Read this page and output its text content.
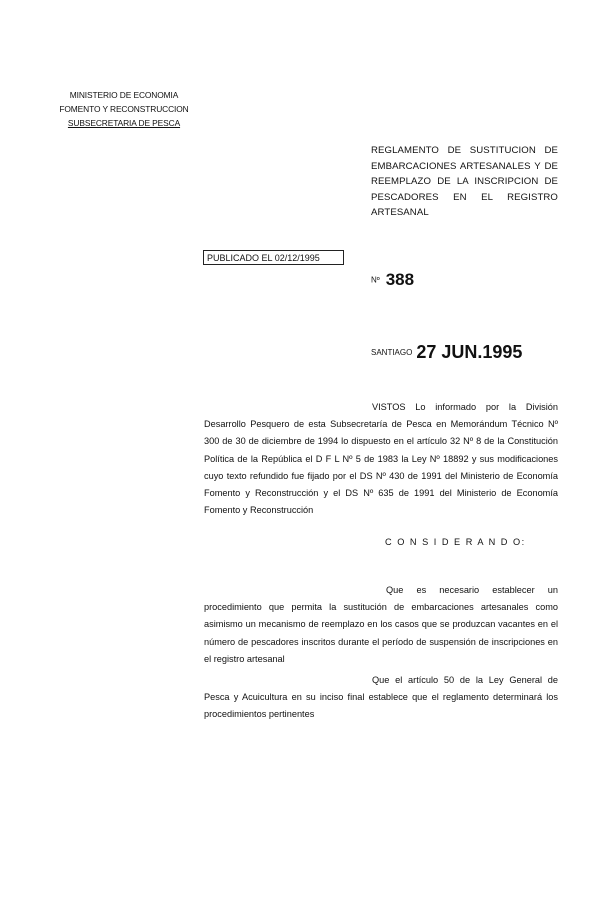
MINISTERIO DE ECONOMIA
FOMENTO Y RECONSTRUCCION
SUBSECRETARIA DE PESCA
REGLAMENTO DE SUSTITUCION DE EMBARCACIONES ARTESANALES Y DE REEMPLAZO DE LA INSCRIPCION DE PESCADORES EN EL REGISTRO ARTESANAL
PUBLICADO EL 02/12/1995
Nº 388
SANTIAGO 27 JUN.1995

VISTOS Lo informado por la División Desarrollo Pesquero de esta Subsecretaría de Pesca en Memorándum Técnico Nº 300 de 30 de diciembre de 1994 lo dispuesto en el artículo 32 Nº 8 de la Constitución Política de la República el D F L Nº 5 de 1983 la Ley Nº 18892 y sus modificaciones cuyo texto refundido fue fijado por el DS Nº 430 de 1991 del Ministerio de Economía Fomento y Reconstrucción y el DS Nº 635 de 1991 del Ministerio de Economía Fomento y Reconstrucción

C O N S I D E R A N D O:

Que es necesario establecer un procedimiento que permita la sustitución de embarcaciones artesanales como asimismo un mecanismo de reemplazo en los casos que se produzcan vacantes en el número de pescadores inscritos durante el período de suspensión de inscripciones en el registro artesanal

Que el artículo 50 de la Ley General de Pesca y Acuicultura en su inciso final establece que el reglamento determinará los procedimientos pertinentes
